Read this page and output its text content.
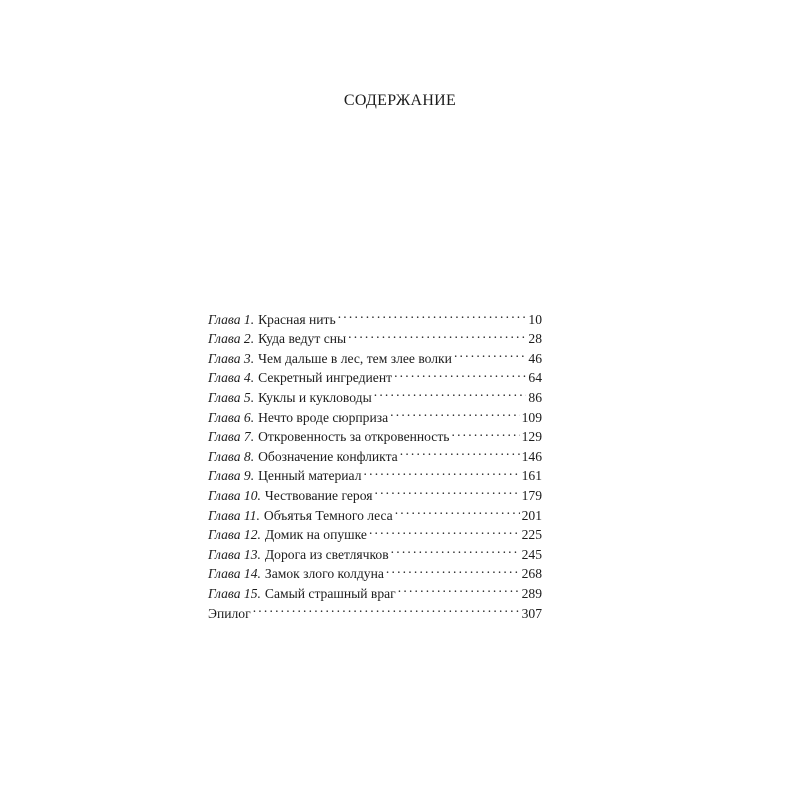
СОДЕРЖАНИЕ
Глава 1. Красная нить . . .	10
Глава 2. Куда ведут сны . . .	28
Глава 3. Чем дальше в лес, тем злее волки . . .	46
Глава 4. Секретный ингредиент . . .	64
Глава 5. Куклы и кукловоды . . .	86
Глава 6. Нечто вроде сюрприза . . .	109
Глава 7. Откровенность за откровенность . . .	129
Глава 8. Обозначение конфликта . . .	146
Глава 9. Ценный материал . . .	161
Глава 10. Чествование героя . . .	179
Глава 11. Объятья Темного леса . . .	201
Глава 12. Домик на опушке . . .	225
Глава 13. Дорога из светлячков . . .	245
Глава 14. Замок злого колдуна . . .	268
Глава 15. Самый страшный враг . . .	289
Эпилог . . .	307
